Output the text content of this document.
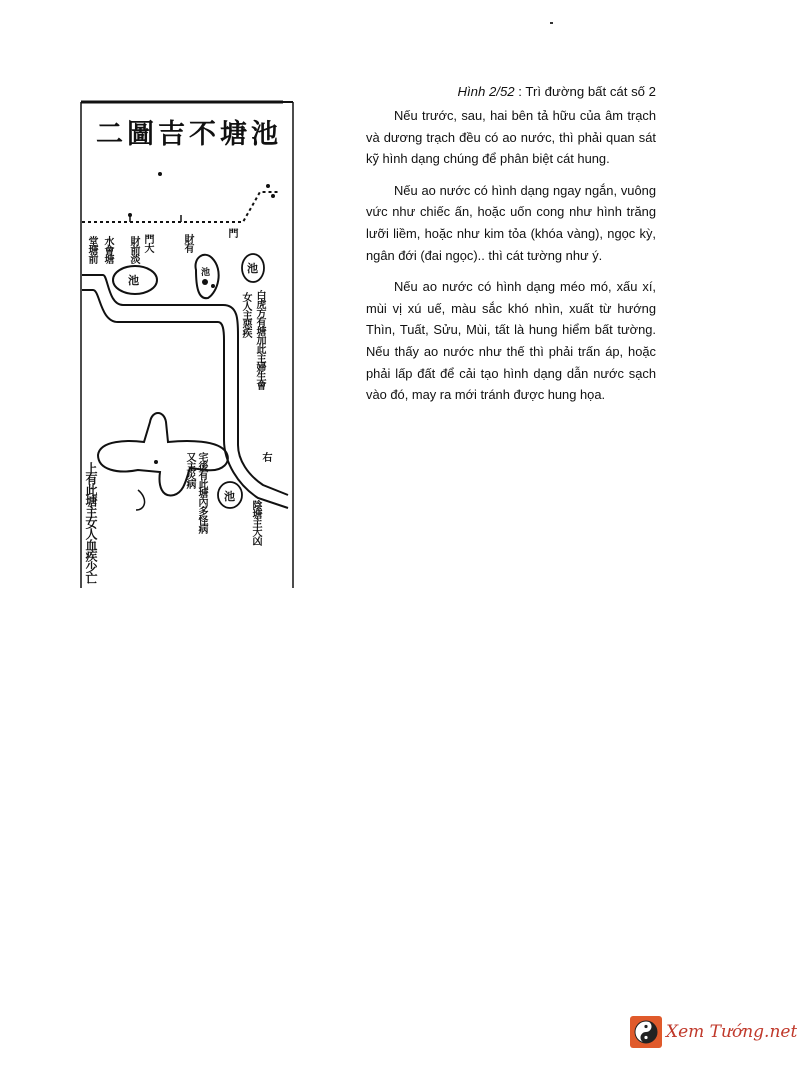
二圖吉不塘池
池
池
池
池
堂塘前 水會塘 財前淡 門大	財有
白虎方有塘加此主婦生會
女人主惡疾
右
門
上有此塘主女人血疾少亡	又主災病 宅後有此塘內多怪病	陰塘主大凶

Hình 2/52 : Trì đường bất cát số 2

Nếu trước, sau, hai bên tả hữu của âm trạch và dương trạch đều có ao nước, thì phải quan sát kỹ hình dạng chúng để phân biệt cát hung.

Nếu ao nước có hình dạng ngay ngắn, vuông vức như chiếc ấn, hoặc uốn cong như hình trăng lưỡi liềm, hoặc như kim tỏa (khóa vàng), ngọc kỳ, ngân đới (đai ngọc).. thì cát tường như ý.

Nếu ao nước có hình dạng méo mó, xấu xí, mùi vị xú uế, màu sắc khó nhìn, xuất từ hướng Thìn, Tuất, Sửu, Mùi, tất là hung hiểm bất tường. Nếu thấy ao nước như thế thì phải trấn áp, hoặc phải lấp đất để cải tạo hình dạng dẫn nước sạch vào đó, may ra mới tránh được hung họa.

Xem Tướng.net
